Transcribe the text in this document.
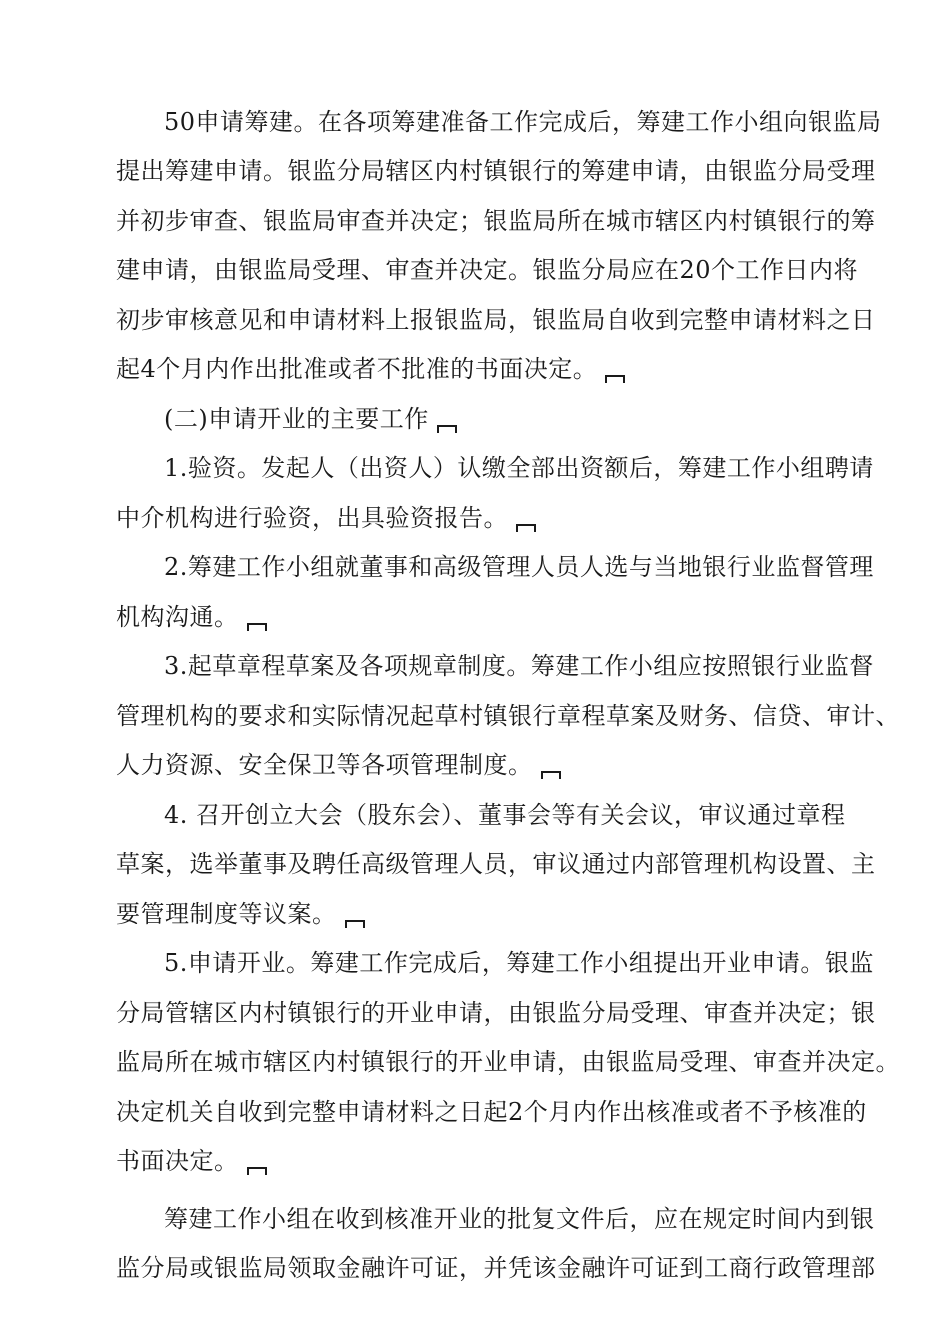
50申请筹建。在各项筹建准备工作完成后，筹建工作小组向银监局
提出筹建申请。银监分局辖区内村镇银行的筹建申请，由银监分局受理
并初步审查、银监局审查并决定；银监局所在城市辖区内村镇银行的筹
建申请，由银监局受理、审查并决定。银监分局应在20个工作日内将
初步审核意见和申请材料上报银监局，银监局自收到完整申请材料之日
起4个月内作出批准或者不批准的书面决定。
(二)申请开业的主要工作
1.验资。发起人（出资人）认缴全部出资额后，筹建工作小组聘请
中介机构进行验资，出具验资报告。
2.筹建工作小组就董事和高级管理人员人选与当地银行业监督管理
机构沟通。
3.起草章程草案及各项规章制度。筹建工作小组应按照银行业监督
管理机构的要求和实际情况起草村镇银行章程草案及财务、信贷、审计、
人力资源、安全保卫等各项管理制度。
4. 召开创立大会（股东会）、董事会等有关会议，审议通过章程
草案，选举董事及聘任高级管理人员，审议通过内部管理机构设置、主
要管理制度等议案。
5.申请开业。筹建工作完成后，筹建工作小组提出开业申请。银监
分局管辖区内村镇银行的开业申请，由银监分局受理、审查并决定；银
监局所在城市辖区内村镇银行的开业申请，由银监局受理、审查并决定。
决定机关自收到完整申请材料之日起2个月内作出核准或者不予核准的
书面决定。
筹建工作小组在收到核准开业的批复文件后，应在规定时间内到银
监分局或银监局领取金融许可证，并凭该金融许可证到工商行政管理部
